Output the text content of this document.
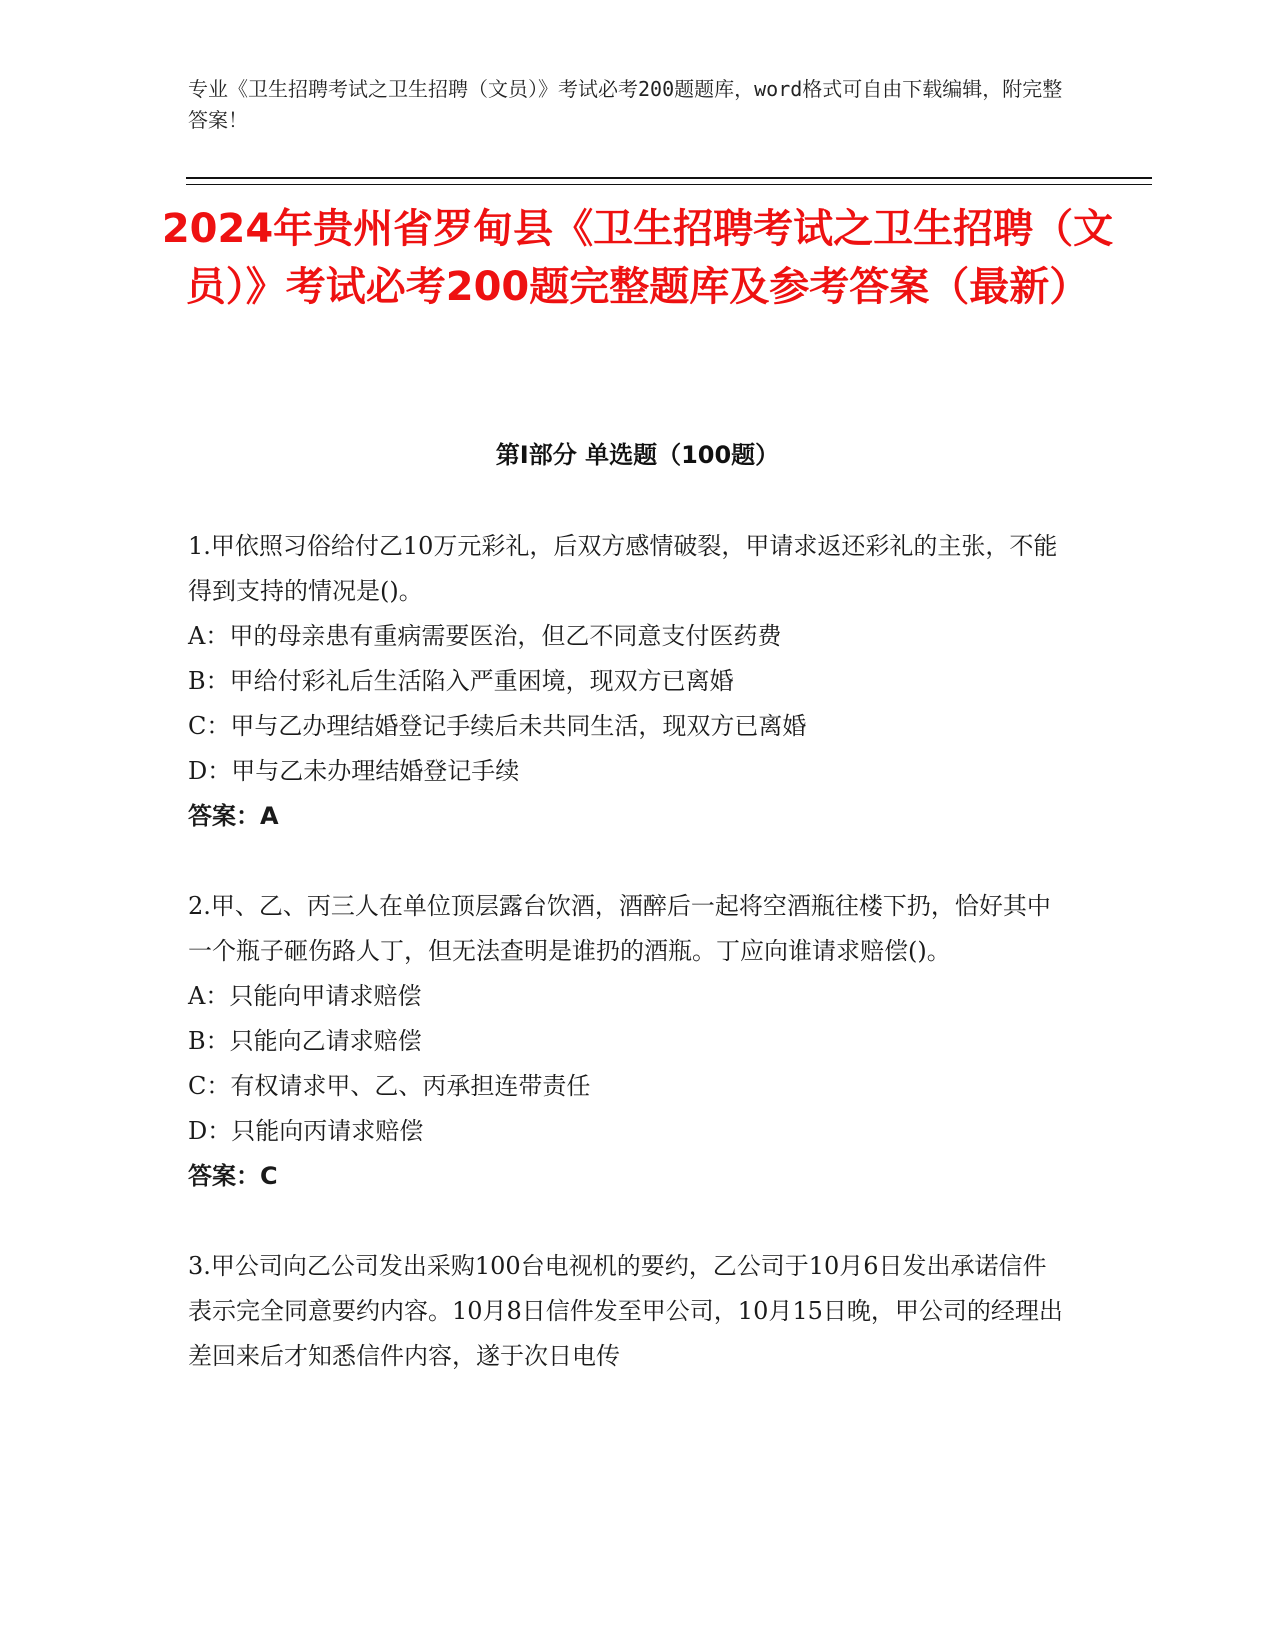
专业《卫生招聘考试之卫生招聘（文员）》考试必考200题题库，word格式可自由下载编辑，附完整答案！
2024年贵州省罗甸县《卫生招聘考试之卫生招聘（文员）》考试必考200题完整题库及参考答案（最新）
第I部分 单选题（100题）

1.甲依照习俗给付乙10万元彩礼，后双方感情破裂，甲请求返还彩礼的主张，不能得到支持的情况是()。

A：甲的母亲患有重病需要医治，但乙不同意支付医药费

B：甲给付彩礼后生活陷入严重困境，现双方已离婚

C：甲与乙办理结婚登记手续后未共同生活，现双方已离婚

D：甲与乙未办理结婚登记手续

答案：A

2.甲、乙、丙三人在单位顶层露台饮酒，酒醉后一起将空酒瓶往楼下扔，恰好其中一个瓶子砸伤路人丁，但无法查明是谁扔的酒瓶。丁应向谁请求赔偿()。

A：只能向甲请求赔偿

B：只能向乙请求赔偿

C：有权请求甲、乙、丙承担连带责任

D：只能向丙请求赔偿

答案：C

3.甲公司向乙公司发出采购100台电视机的要约，乙公司于10月6日发出承诺信件表示完全同意要约内容。10月8日信件发至甲公司，10月15日晚，甲公司的经理出差回来后才知悉信件内容，遂于次日电传
